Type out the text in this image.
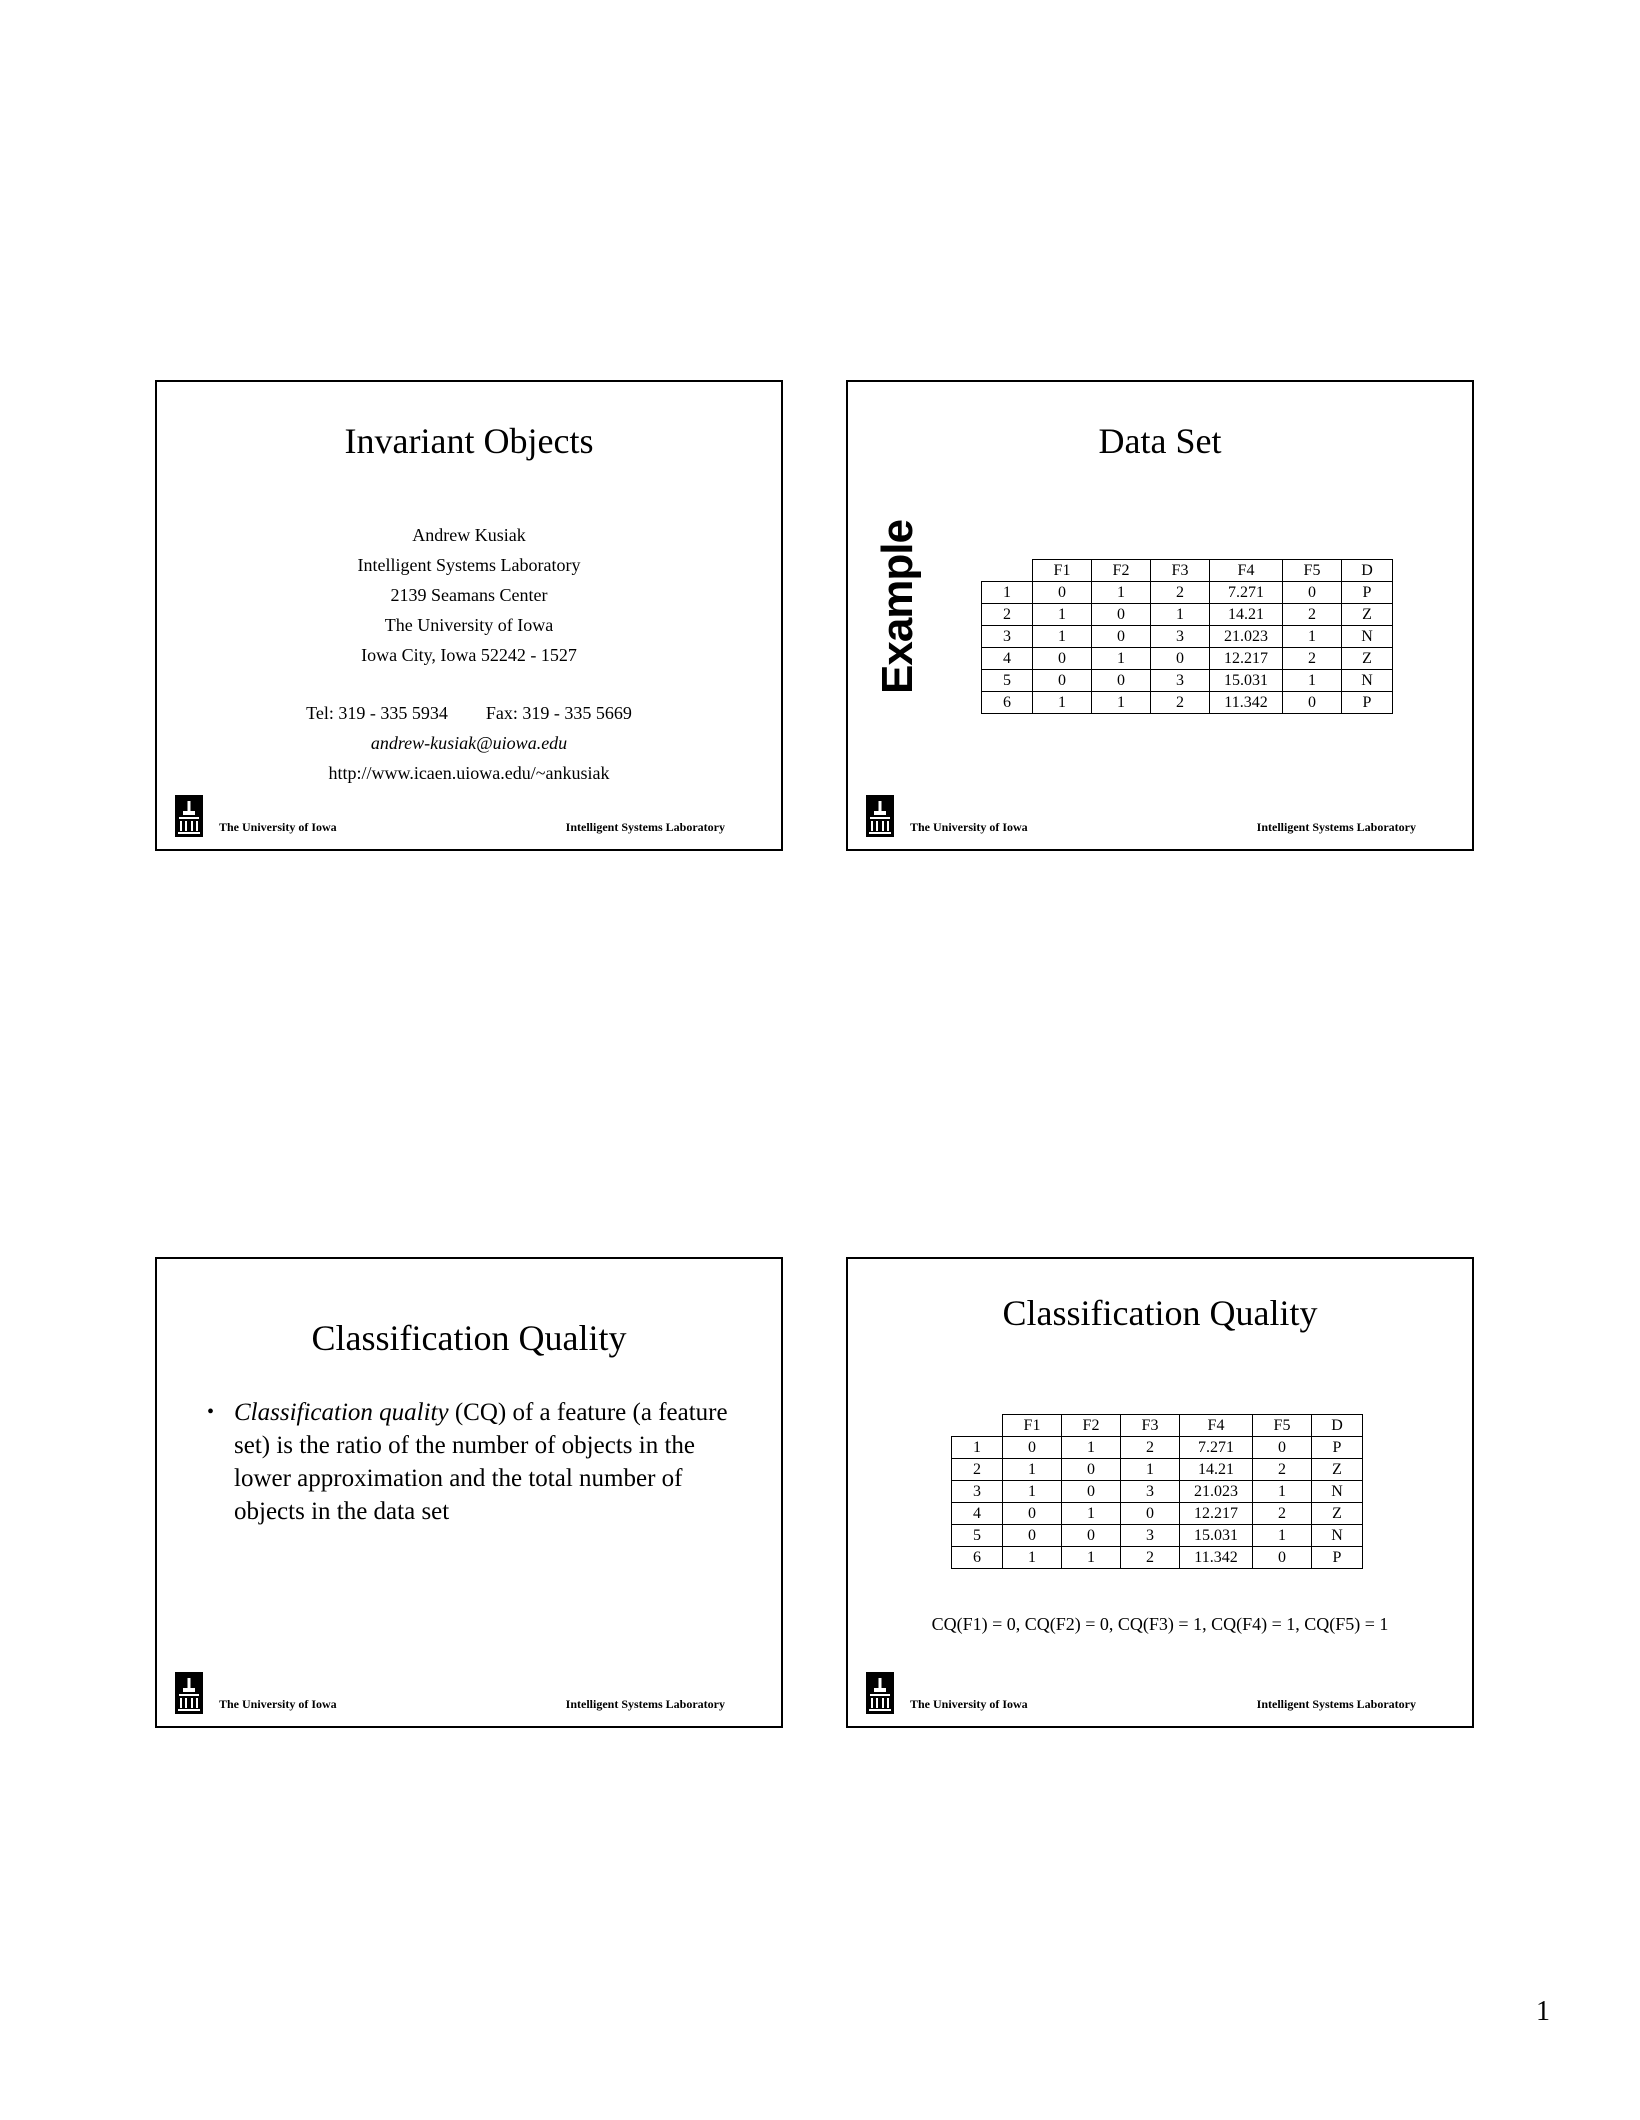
Invariant Objects
Andrew Kusiak
Intelligent Systems Laboratory
2139 Seamans Center
The University of Iowa
Iowa City, Iowa 52242 - 1527
Tel: 319 - 335 5934 Fax: 319 - 335 5669
andrew-kusiak@uiowa.edu
http://www.icaen.uiowa.edu/~ankusiak
The University of Iowa	Intelligent Systems Laboratory
Data Set
Example
		F1	F2	F3	F4	F5	D
1	0	1	2	7.271	0	P
2	1	0	1	14.21	2	Z
3	1	0	3	21.023	1	N
4	0	1	0	12.217	2	Z
5	0	0	3	15.031	1	N
6	1	1	2	11.342	0	P
The University of Iowa	Intelligent Systems Laboratory
Classification Quality
• Classification quality (CQ) of a feature (a feature set) is the ratio of the number of objects in the lower approximation and the total number of objects in the data set
The University of Iowa	Intelligent Systems Laboratory
Classification Quality
	F1	F2	F3	F4	F5	D
1	0	1	2	7.271	0	P
2	1	0	1	14.21	2	Z
3	1	0	3	21.023	1	N
4	0	1	0	12.217	2	Z
5	0	0	3	15.031	1	N
6	1	1	2	11.342	0	P
CQ(F1) = 0, CQ(F2) = 0, CQ(F3) = 1, CQ(F4) = 1, CQ(F5) = 1
The University of Iowa	Intelligent Systems Laboratory
1
